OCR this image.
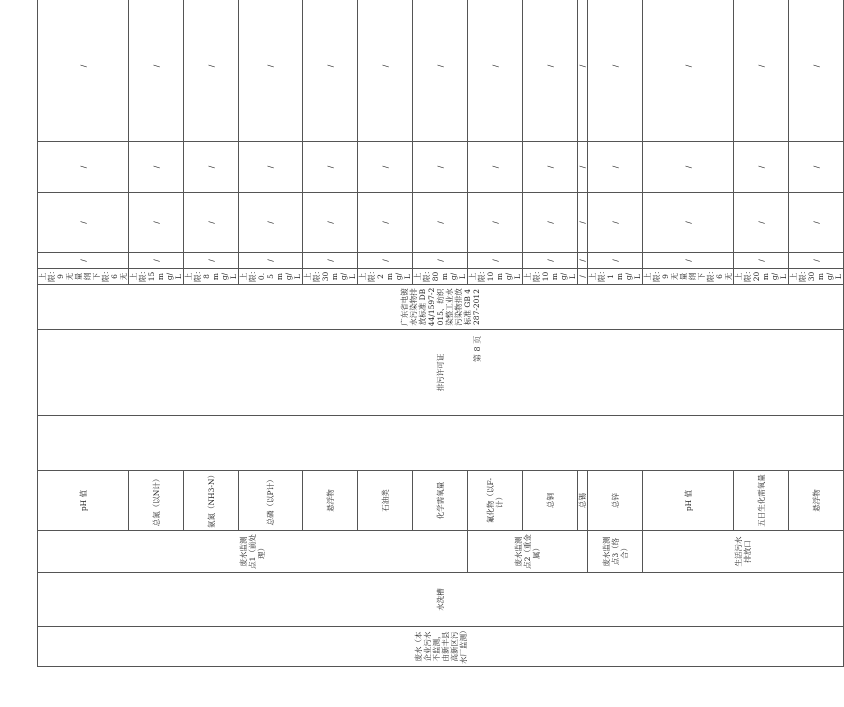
废水（本企业污水不监测，由新丰县高新区污水厂监测）	水洗槽	废水监测点1（前处理）	pH 值		排污许可证	广东省电镀水污染物排放标准 DB44/1597-2015、纺织染整工业水污染物排放标准 GB 4287-2012	上限：9 无量纲 下限：6 无	/	/	/	/	
			总氮（以N计）				上限：15mg/L	/	/	/	/	
			氨氮（NH3-N）				上限：8mg/L	/	/	/	/	
			总磷（以P计）				上限：0.5mg/L	/	/	/	/	
			悬浮物				上限：30mg/L	/	/	/	/	
			石油类				上限：2mg/L	/	/	/	/	
			化学需氧量				上限：80mg/L	/	/	/	/	
		废水监测点2（重金属）	氟化物（以F-计）				上限：10mg/L	/	/	/	/	
			总铜				上限：10mg/L	/	/	/	/	
			总锡				/	/	/	/	/	
		废水监测点3（络合）	总锌				上限：1mg/L	/	/	/	/	
		生活污水排放口	pH 值				上限：9 无量纲 下限：6 无	/	/	/	/	
			五日生化需氧量				上限：20mg/L	/	/	/	/	
			悬浮物				上限：30mg/L	/	/	/	/	
第 8 页
